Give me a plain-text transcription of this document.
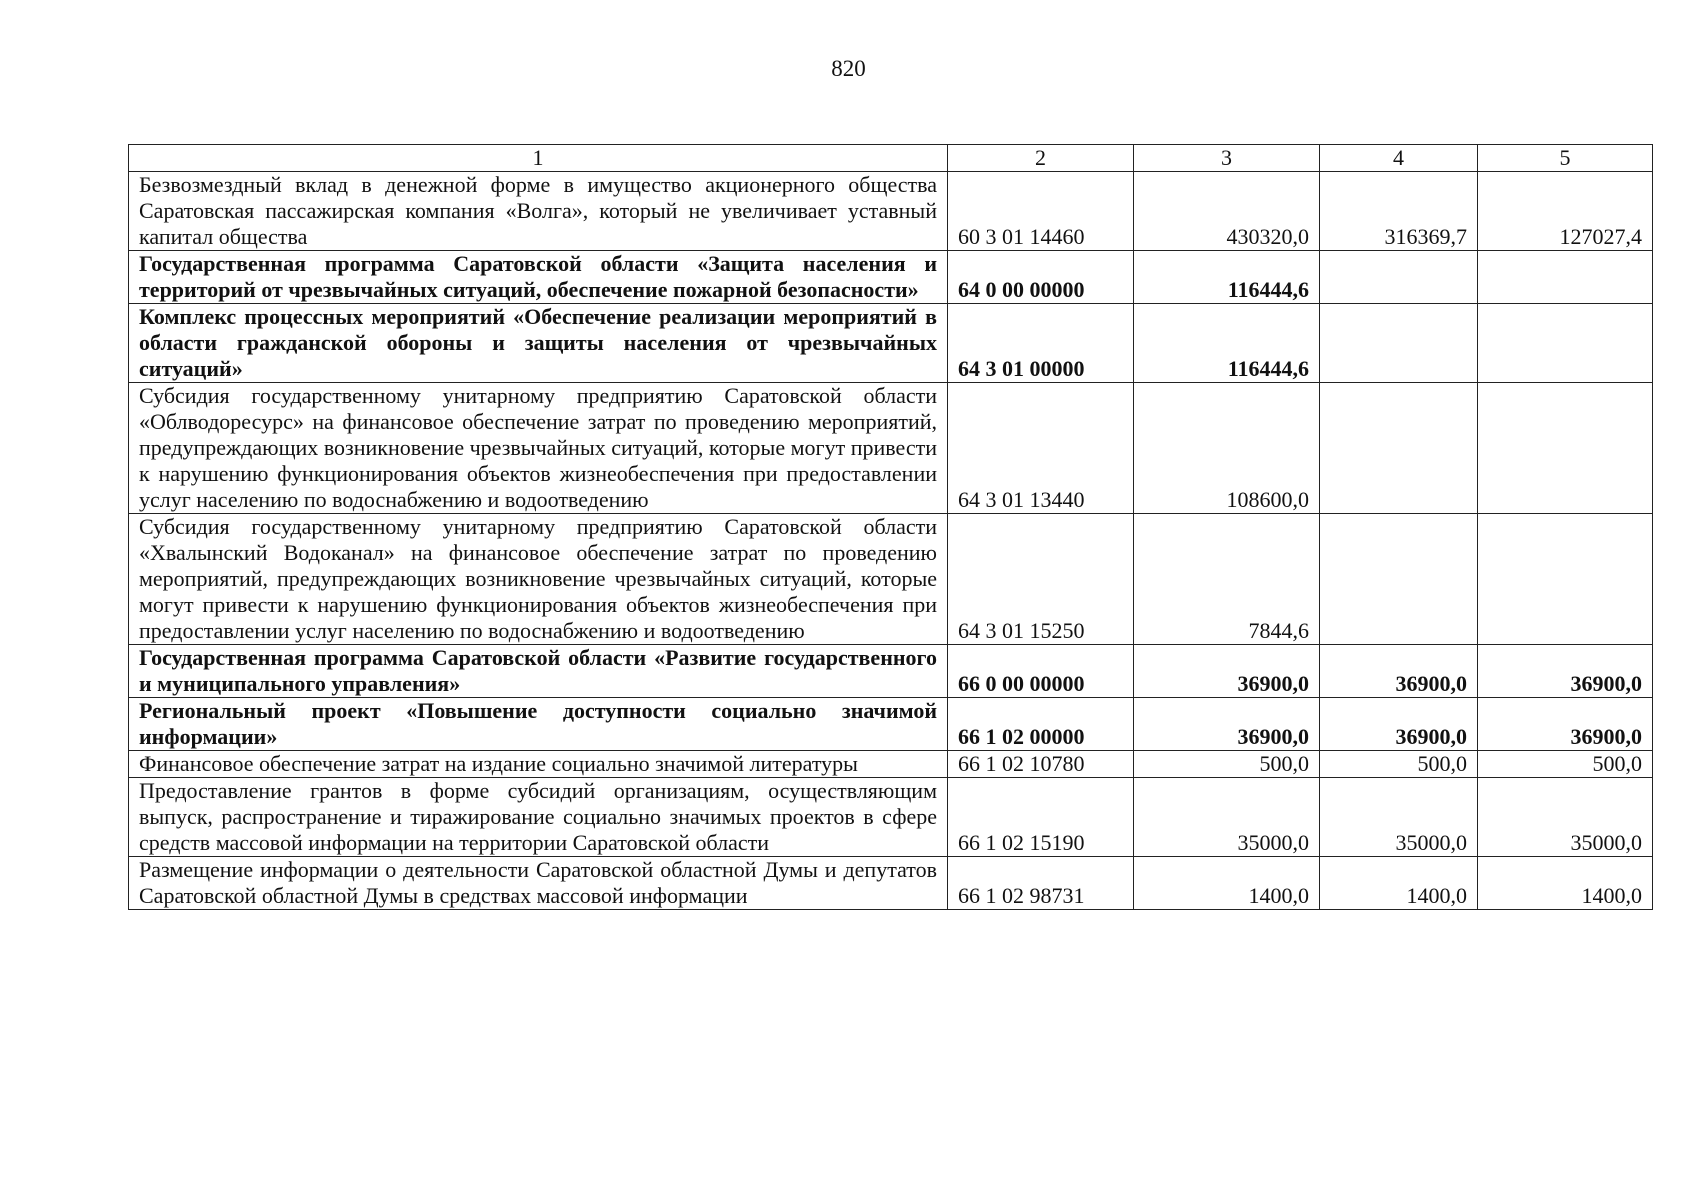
820
1	2	3	4	5
Безвозмездный вклад в денежной форме в имущество акционерного общества Саратовская пассажирская компания «Волга», который не увеличивает уставный капитал общества	60 3 01 14460	430320,0	316369,7	127027,4
Государственная программа Саратовской области «Защита населения и территорий от чрезвычайных ситуаций, обеспечение пожарной безопасности»	64 0 00 00000	116444,6		
Комплекс процессных мероприятий «Обеспечение реализации мероприятий в области гражданской обороны и защиты населения от чрезвычайных ситуаций»	64 3 01 00000	116444,6		
Субсидия государственному унитарному предприятию Саратовской области «Облводоресурс» на финансовое обеспечение затрат по проведению мероприятий, предупреждающих возникновение чрезвычайных ситуаций, которые могут привести к нарушению функционирования объектов жизнеобеспечения при предоставлении услуг населению по водоснабжению и водоотведению	64 3 01 13440	108600,0		
Субсидия государственному унитарному предприятию Саратовской области «Хвалынский Водоканал» на финансовое обеспечение затрат по проведению мероприятий, предупреждающих возникновение чрезвычайных ситуаций, которые могут привести к нарушению функционирования объектов жизнеобеспечения при предоставлении услуг населению по водоснабжению и водоотведению	64 3 01 15250	7844,6		
Государственная программа Саратовской области «Развитие государственного и муниципального управления»	66 0 00 00000	36900,0	36900,0	36900,0
Региональный проект «Повышение доступности социально значимой информации»	66 1 02 00000	36900,0	36900,0	36900,0
Финансовое обеспечение затрат на издание социально значимой литературы	66 1 02 10780	500,0	500,0	500,0
Предоставление грантов в форме субсидий организациям, осуществляющим выпуск, распространение и тиражирование социально значимых проектов в сфере средств массовой информации на территории Саратовской области	66 1 02 15190	35000,0	35000,0	35000,0
Размещение информации о деятельности Саратовской областной Думы и депутатов Саратовской областной Думы в средствах массовой информации	66 1 02 98731	1400,0	1400,0	1400,0
